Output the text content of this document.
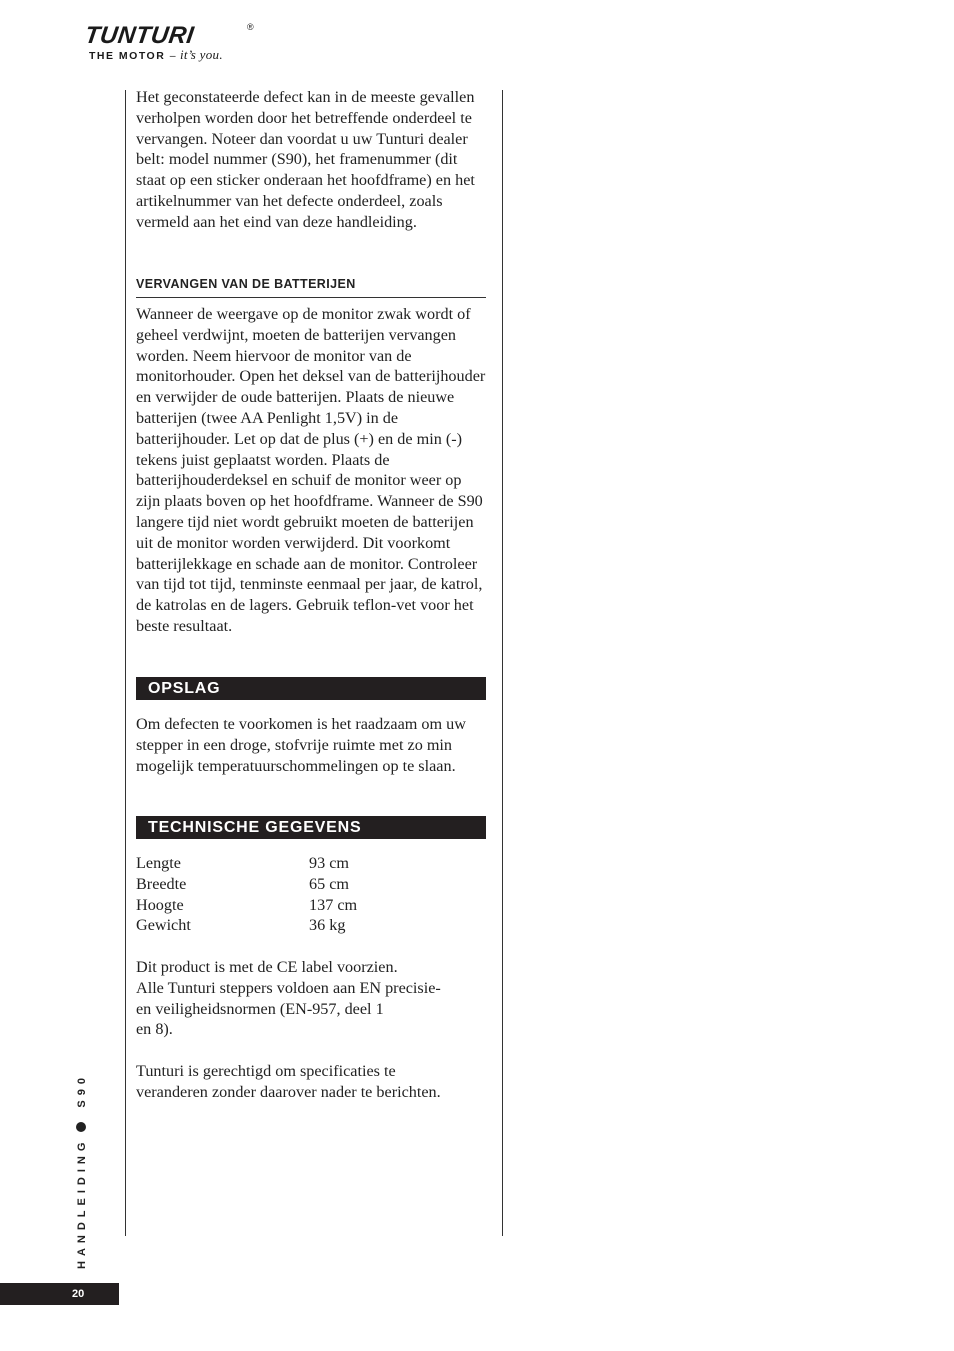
TUNTURI	®
THE MOTOR – it’s you.

Het geconstateerde defect kan in de meeste gevallen verholpen worden door het betreffende onderdeel te vervangen. Noteer dan voordat u uw Tunturi dealer belt: model nummer (S90), het framenummer (dit staat op een sticker onderaan het hoofdframe) en het artikelnummer van het defecte onderdeel, zoals vermeld aan het eind van deze handleiding.

VERVANGEN VAN DE BATTERIJEN

Wanneer de weergave op de monitor zwak wordt of geheel verdwijnt, moeten de batterijen vervangen worden. Neem hiervoor de monitor van de monitorhouder. Open het deksel van de batterijhouder en verwijder de oude batterijen. Plaats de nieuwe batterijen (twee AA Penlight 1,5V) in de batterijhouder. Let op dat de plus (+) en de min (-) tekens juist geplaatst worden. Plaats de batterijhouderdeksel en schuif de monitor weer op zijn plaats boven op het hoofdframe. Wanneer de S90 langere tijd niet wordt gebruikt moeten de batterijen uit de monitor worden verwijderd. Dit voorkomt batterijlekkage en schade aan de monitor. Controleer van tijd tot tijd, tenminste eenmaal per jaar, de katrol, de katrolas en de lagers. Gebruik teflon-vet voor het beste resultaat.

OPSLAG

Om defecten te voorkomen is het raadzaam om uw stepper in een droge, stofvrije ruimte met zo min mogelijk temperatuurschommelingen op te slaan.

TECHNISCHE GEGEVENS
Lengte	93 cm
Breedte	65 cm
Hoogte	137 cm
Gewicht	36 kg

Dit product is met de CE label voorzien.
Alle Tunturi steppers voldoen aan EN precisie-
en veiligheidsnormen (EN-957, deel 1
en 8).

Tunturi is gerechtigd om specificaties te
veranderen zonder daarover nader te berichten.

HANDLEIDINGS90
20
